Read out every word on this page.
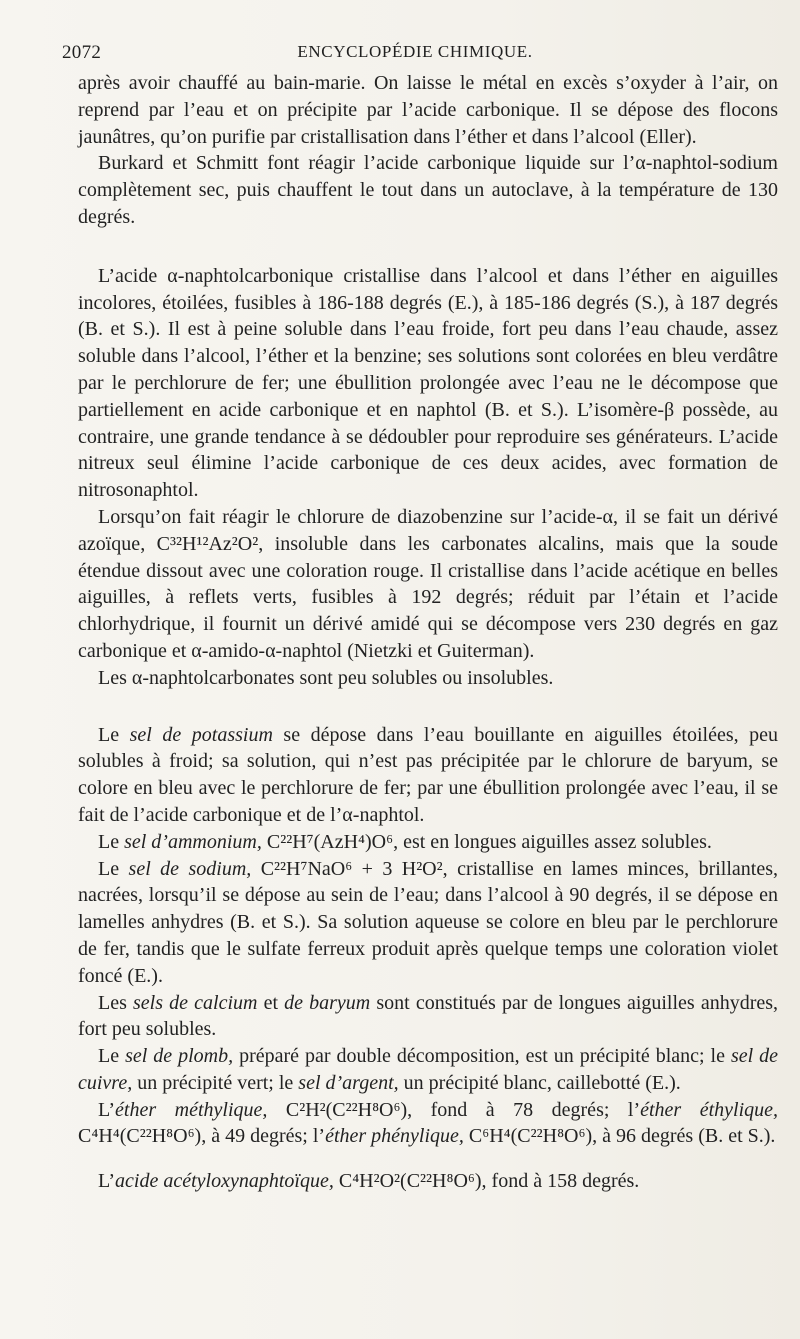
2072	ENCYCLOPÉDIE CHIMIQUE.

après avoir chauffé au bain-marie. On laisse le métal en excès s’oxyder à l’air, on reprend par l’eau et on précipite par l’acide carbonique. Il se dépose des flocons jaunâtres, qu’on purifie par cristallisation dans l’éther et dans l’alcool (Eller).

Burkard et Schmitt font réagir l’acide carbonique liquide sur l’α-naphtol-sodium complètement sec, puis chauffent le tout dans un autoclave, à la température de 130 degrés.

L’acide α-naphtolcarbonique cristallise dans l’alcool et dans l’éther en aiguilles incolores, étoilées, fusibles à 186-188 degrés (E.), à 185-186 degrés (S.), à 187 degrés (B. et S.). Il est à peine soluble dans l’eau froide, fort peu dans l’eau chaude, assez soluble dans l’alcool, l’éther et la benzine; ses solutions sont colorées en bleu verdâtre par le perchlorure de fer; une ébullition prolongée avec l’eau ne le décompose que partiellement en acide carbonique et en naphtol (B. et S.). L’isomère-β possède, au contraire, une grande tendance à se dédoubler pour reproduire ses générateurs. L’acide nitreux seul élimine l’acide carbonique de ces deux acides, avec formation de nitrosonaphtol.

Lorsqu’on fait réagir le chlorure de diazobenzine sur l’acide-α, il se fait un dérivé azoïque, C³²H¹²Az²O², insoluble dans les carbonates alcalins, mais que la soude étendue dissout avec une coloration rouge. Il cristallise dans l’acide acétique en belles aiguilles, à reflets verts, fusibles à 192 degrés; réduit par l’étain et l’acide chlorhydrique, il fournit un dérivé amidé qui se décompose vers 230 degrés en gaz carbonique et α-amido-α-naphtol (Nietzki et Guiterman).

Les α-naphtolcarbonates sont peu solubles ou insolubles.

Le sel de potassium se dépose dans l’eau bouillante en aiguilles étoilées, peu solubles à froid; sa solution, qui n’est pas précipitée par le chlorure de baryum, se colore en bleu avec le perchlorure de fer; par une ébullition prolongée avec l’eau, il se fait de l’acide carbonique et de l’α-naphtol.

Le sel d’ammonium, C²²H⁷(AzH⁴)O⁶, est en longues aiguilles assez solubles.

Le sel de sodium, C²²H⁷NaO⁶ + 3 H²O², cristallise en lames minces, brillantes, nacrées, lorsqu’il se dépose au sein de l’eau; dans l’alcool à 90 degrés, il se dépose en lamelles anhydres (B. et S.). Sa solution aqueuse se colore en bleu par le perchlorure de fer, tandis que le sulfate ferreux produit après quelque temps une coloration violet foncé (E.).

Les sels de calcium et de baryum sont constitués par de longues aiguilles anhydres, fort peu solubles.

Le sel de plomb, préparé par double décomposition, est un précipité blanc; le sel de cuivre, un précipité vert; le sel d’argent, un précipité blanc, caillebotté (E.).

L’éther méthylique, C²H²(C²²H⁸O⁶), fond à 78 degrés; l’éther éthylique, C⁴H⁴(C²²H⁸O⁶), à 49 degrés; l’éther phénylique, C⁶H⁴(C²²H⁸O⁶), à 96 degrés (B. et S.).

L’acide acétyloxynaphtoïque, C⁴H²O²(C²²H⁸O⁶), fond à 158 degrés.
